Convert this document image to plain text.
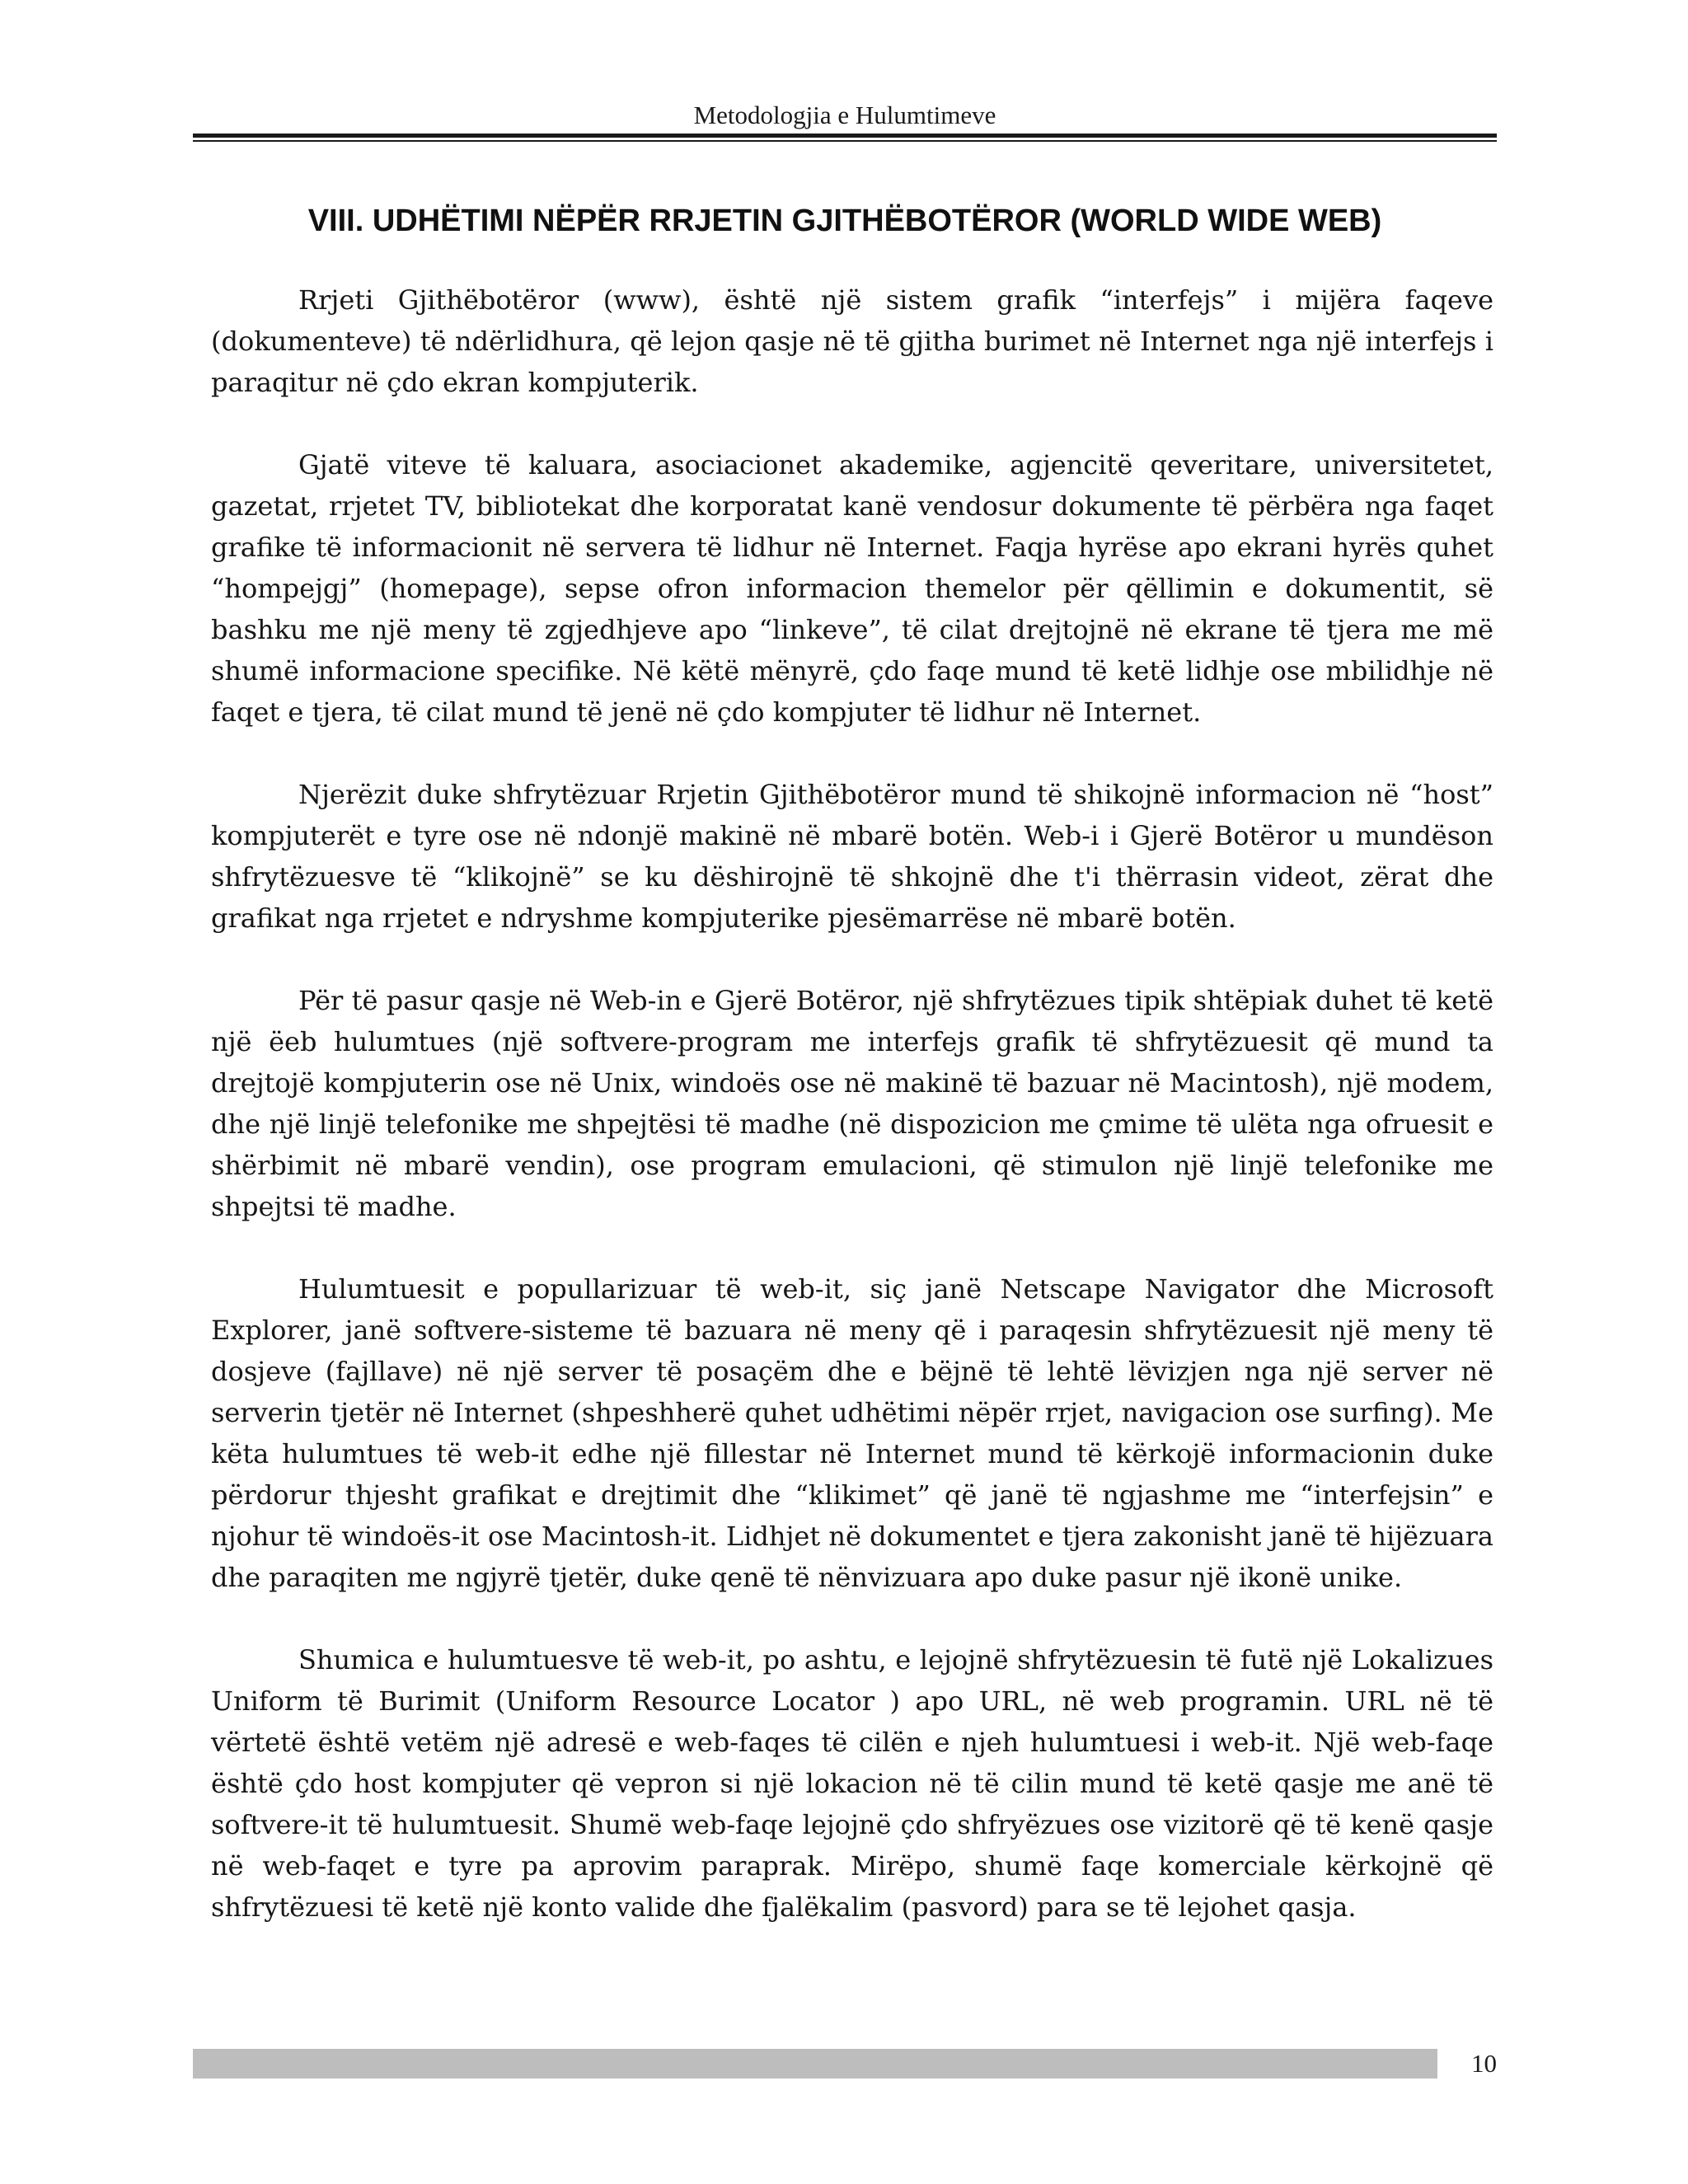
Metodologjia e Hulumtimeve
VIII. UDHËTIMI NËPËR RRJETIN GJITHËBOTËROR (WORLD WIDE WEB)

Rrjeti Gjithëbotëror (www), është një sistem grafik “interfejs” i mijëra faqeve (dokumenteve) të ndërlidhura, që lejon qasje në të gjitha burimet në Internet nga një interfejs i paraqitur në çdo ekran kompjuterik.

Gjatë viteve të kaluara, asociacionet akademike, agjencitë qeveritare, universitetet, gazetat, rrjetet TV, bibliotekat dhe korporatat kanë vendosur dokumente të përbëra nga faqet grafike të informacionit në servera të lidhur në Internet. Faqja hyrëse apo ekrani hyrës quhet “hompejgj” (homepage), sepse ofron informacion themelor për qëllimin e dokumentit, së bashku me një meny të zgjedhjeve apo “linkeve”, të cilat drejtojnë në ekrane të tjera me më shumë informacione specifike. Në këtë mënyrë, çdo faqe mund të ketë lidhje ose mbilidhje në faqet e tjera, të cilat mund të jenë në çdo kompjuter të lidhur në Internet.

Njerëzit duke shfrytëzuar Rrjetin Gjithëbotëror mund të shikojnë informacion në “host” kompjuterët e tyre ose në ndonjë makinë në mbarë botën. Web-i i Gjerë Botëror u mundëson shfrytëzuesve të “klikojnë” se ku dëshirojnë të shkojnë dhe t'i thërrasin videot, zërat dhe grafikat nga rrjetet e ndryshme kompjuterike pjesëmarrëse në mbarë botën.

Për të pasur qasje në Web-in e Gjerë Botëror, një shfrytëzues tipik shtëpiak duhet të ketë një ëeb hulumtues (një softvere-program me interfejs grafik të shfrytëzuesit që mund ta drejtojë kompjuterin ose në Unix, windoës ose në makinë të bazuar në Macintosh), një modem, dhe një linjë telefonike me shpejtësi të madhe (në dispozicion me çmime të ulëta nga ofruesit e shërbimit në mbarë vendin), ose program emulacioni, që stimulon një linjë telefonike me shpejtsi të madhe.

Hulumtuesit e popullarizuar të web-it, siç janë Netscape Navigator dhe Microsoft Explorer, janë softvere-sisteme të bazuara në meny që i paraqesin shfrytëzuesit një meny të dosjeve (fajllave) në një server të posaçëm dhe e bëjnë të lehtë lëvizjen nga një server në serverin tjetër në Internet (shpeshherë quhet udhëtimi nëpër rrjet, navigacion ose surfing). Me këta hulumtues të web-it edhe një fillestar në Internet mund të kërkojë informacionin duke përdorur thjesht grafikat e drejtimit dhe “klikimet” që janë të ngjashme me “interfejsin” e njohur të windoës-it ose Macintosh-it. Lidhjet në dokumentet e tjera zakonisht janë të hijëzuara dhe paraqiten me ngjyrë tjetër, duke qenë të nënvizuara apo duke pasur një ikonë unike.

Shumica e hulumtuesve të web-it, po ashtu, e lejojnë shfrytëzuesin të futë një Lokalizues Uniform të Burimit (Uniform Resource Locator ) apo URL, në web programin. URL në të vërtetë është vetëm një adresë e web-faqes të cilën e njeh hulumtuesi i web-it. Një web-faqe është çdo host kompjuter që vepron si një lokacion në të cilin mund të ketë qasje me anë të softvere-it të hulumtuesit. Shumë web-faqe lejojnë çdo shfryëzues ose vizitorë që të kenë qasje në web-faqet e tyre pa aprovim paraprak. Mirëpo, shumë faqe komerciale kërkojnë që shfrytëzuesi të ketë një konto valide dhe fjalëkalim (pasvord) para se të lejohet qasja.

10
